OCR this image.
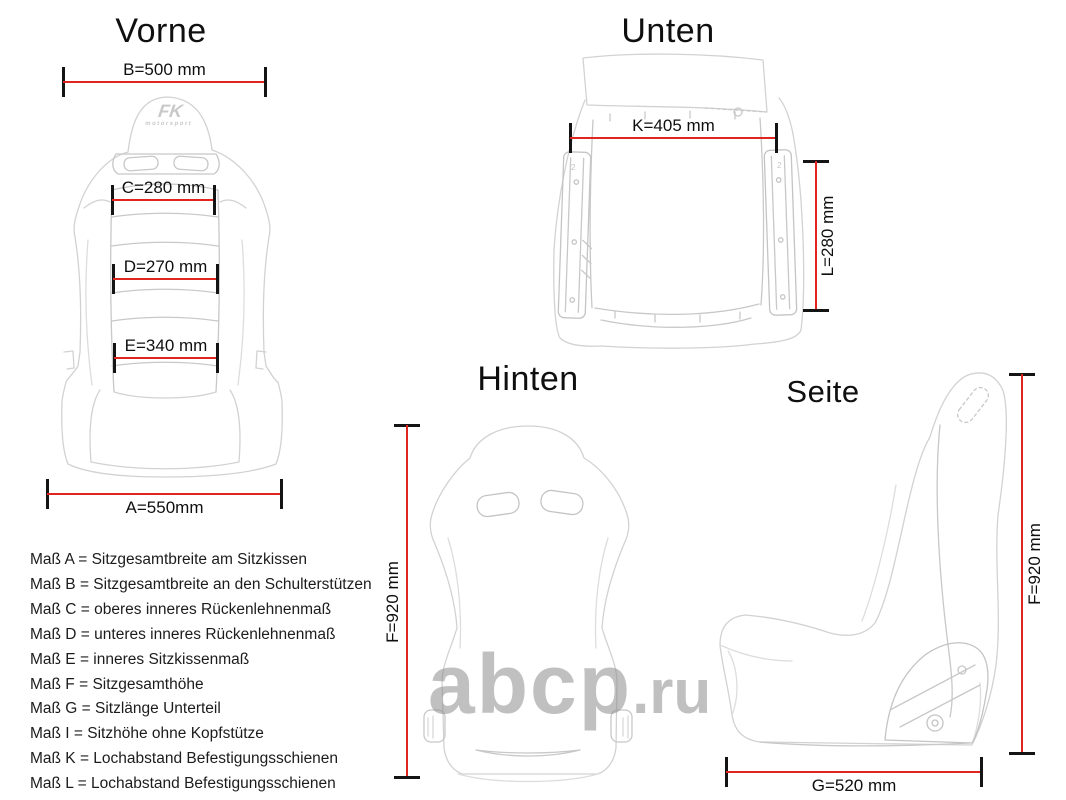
Vorne	Unten
Hinten	Seite
FK
motorsport
2	2
B=500 mm
C=280 mm
D=270 mm
E=340 mm
A=550mm
K=405 mm
L=280 mm
F=920 mm	F=920 mm
G=520 mm
Maß A = Sitzgesamtbreite am Sitzkissen
Maß B = Sitzgesamtbreite an den Schulterstützen
Maß C = oberes inneres Rückenlehnenmaß
Maß D = unteres inneres Rückenlehnenmaß
Maß E = inneres Sitzkissenmaß
Maß F = Sitzgesamthöhe
Maß G = Sitzlänge Unterteil
Maß I = Sitzhöhe ohne Kopfstütze
Maß K = Lochabstand Befestigungsschienen
Maß L = Lochabstand Befestigungsschienen
abcp .ru
